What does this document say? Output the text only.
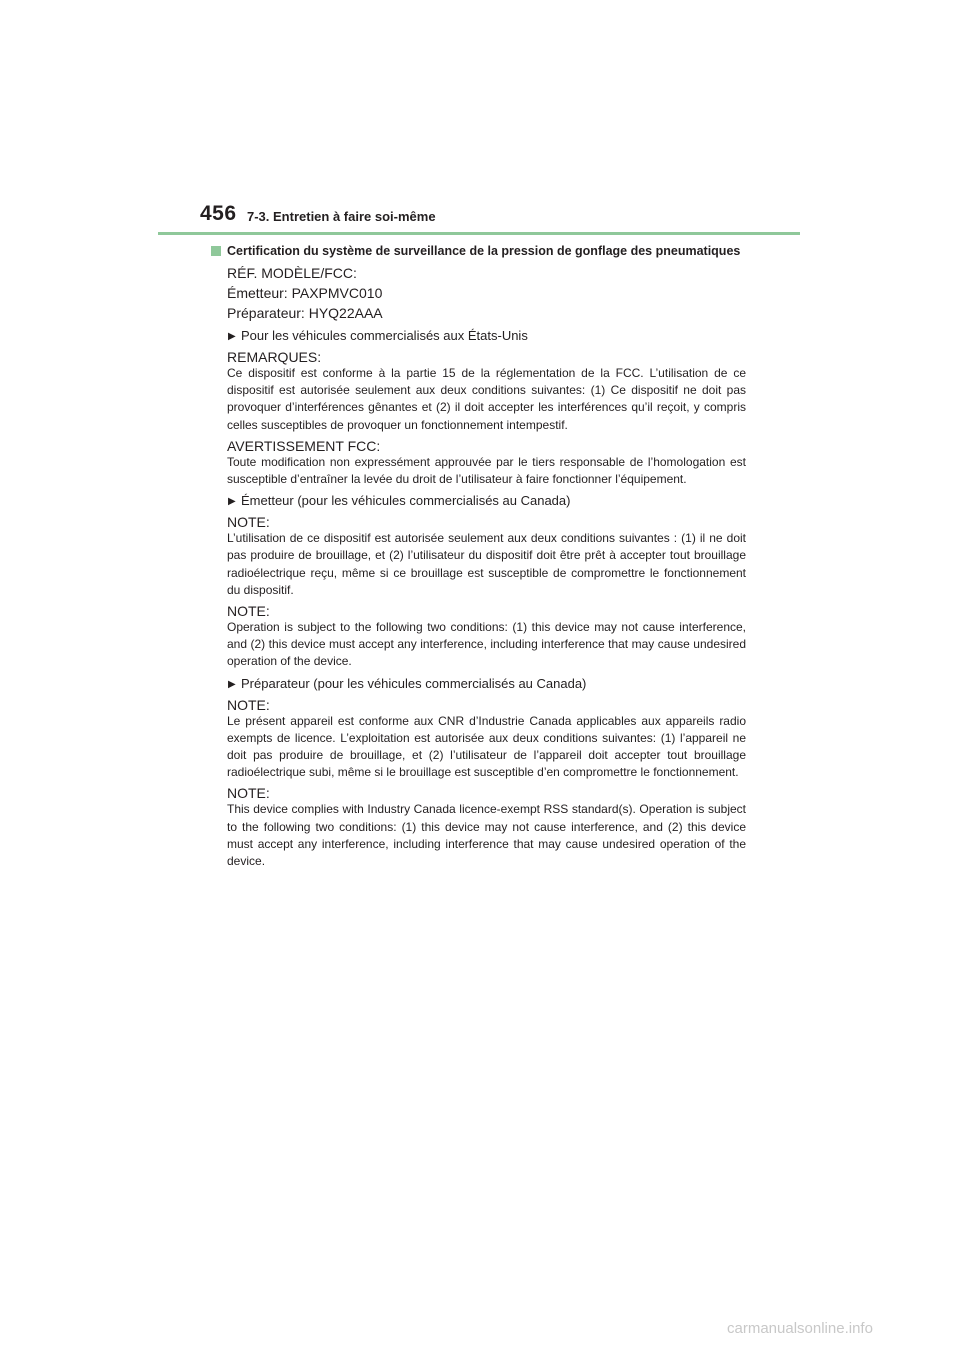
456 7-3. Entretien à faire soi-même
Certification du système de surveillance de la pression de gonflage des pneumatiques
RÉF. MODÈLE/FCC:
Émetteur: PAXPMVC010
Préparateur: HYQ22AAA
▶ Pour les véhicules commercialisés aux États-Unis
REMARQUES:
Ce dispositif est conforme à la partie 15 de la réglementation de la FCC. L’utilisation de ce dispositif est autorisée seulement aux deux conditions suivantes: (1) Ce dispositif ne doit pas provoquer d’interférences gênantes et (2) il doit accepter les interférences qu’il reçoit, y compris celles susceptibles de provoquer un fonctionnement intempestif.
AVERTISSEMENT FCC:
Toute modification non expressément approuvée par le tiers responsable de l’homologation est susceptible d’entraîner la levée du droit de l’utilisateur à faire fonctionner l’équipement.
▶ Émetteur (pour les véhicules commercialisés au Canada)
NOTE:
L’utilisation de ce dispositif est autorisée seulement aux deux conditions suivantes : (1) il ne doit pas produire de brouillage, et (2) l’utilisateur du dispositif doit être prêt à accepter tout brouillage radioélectrique reçu, même si ce brouillage est susceptible de compromettre le fonctionnement du dispositif.
NOTE:
Operation is subject to the following two conditions: (1) this device may not cause interference, and (2) this device must accept any interference, including interference that may cause undesired operation of the device.
▶ Préparateur (pour les véhicules commercialisés au Canada)
NOTE:
Le présent appareil est conforme aux CNR d’Industrie Canada applicables aux appareils radio exempts de licence. L’exploitation est autorisée aux deux conditions suivantes: (1) l’appareil ne doit pas produire de brouillage, et (2) l’utilisateur de l’appareil doit accepter tout brouillage radioélectrique subi, même si le brouillage est susceptible d’en compromettre le fonctionnement.
NOTE:
This device complies with Industry Canada licence-exempt RSS standard(s). Operation is subject to the following two conditions: (1) this device may not cause interference, and (2) this device must accept any interference, including interference that may cause undesired operation of the device.
carmanualsonline.info
